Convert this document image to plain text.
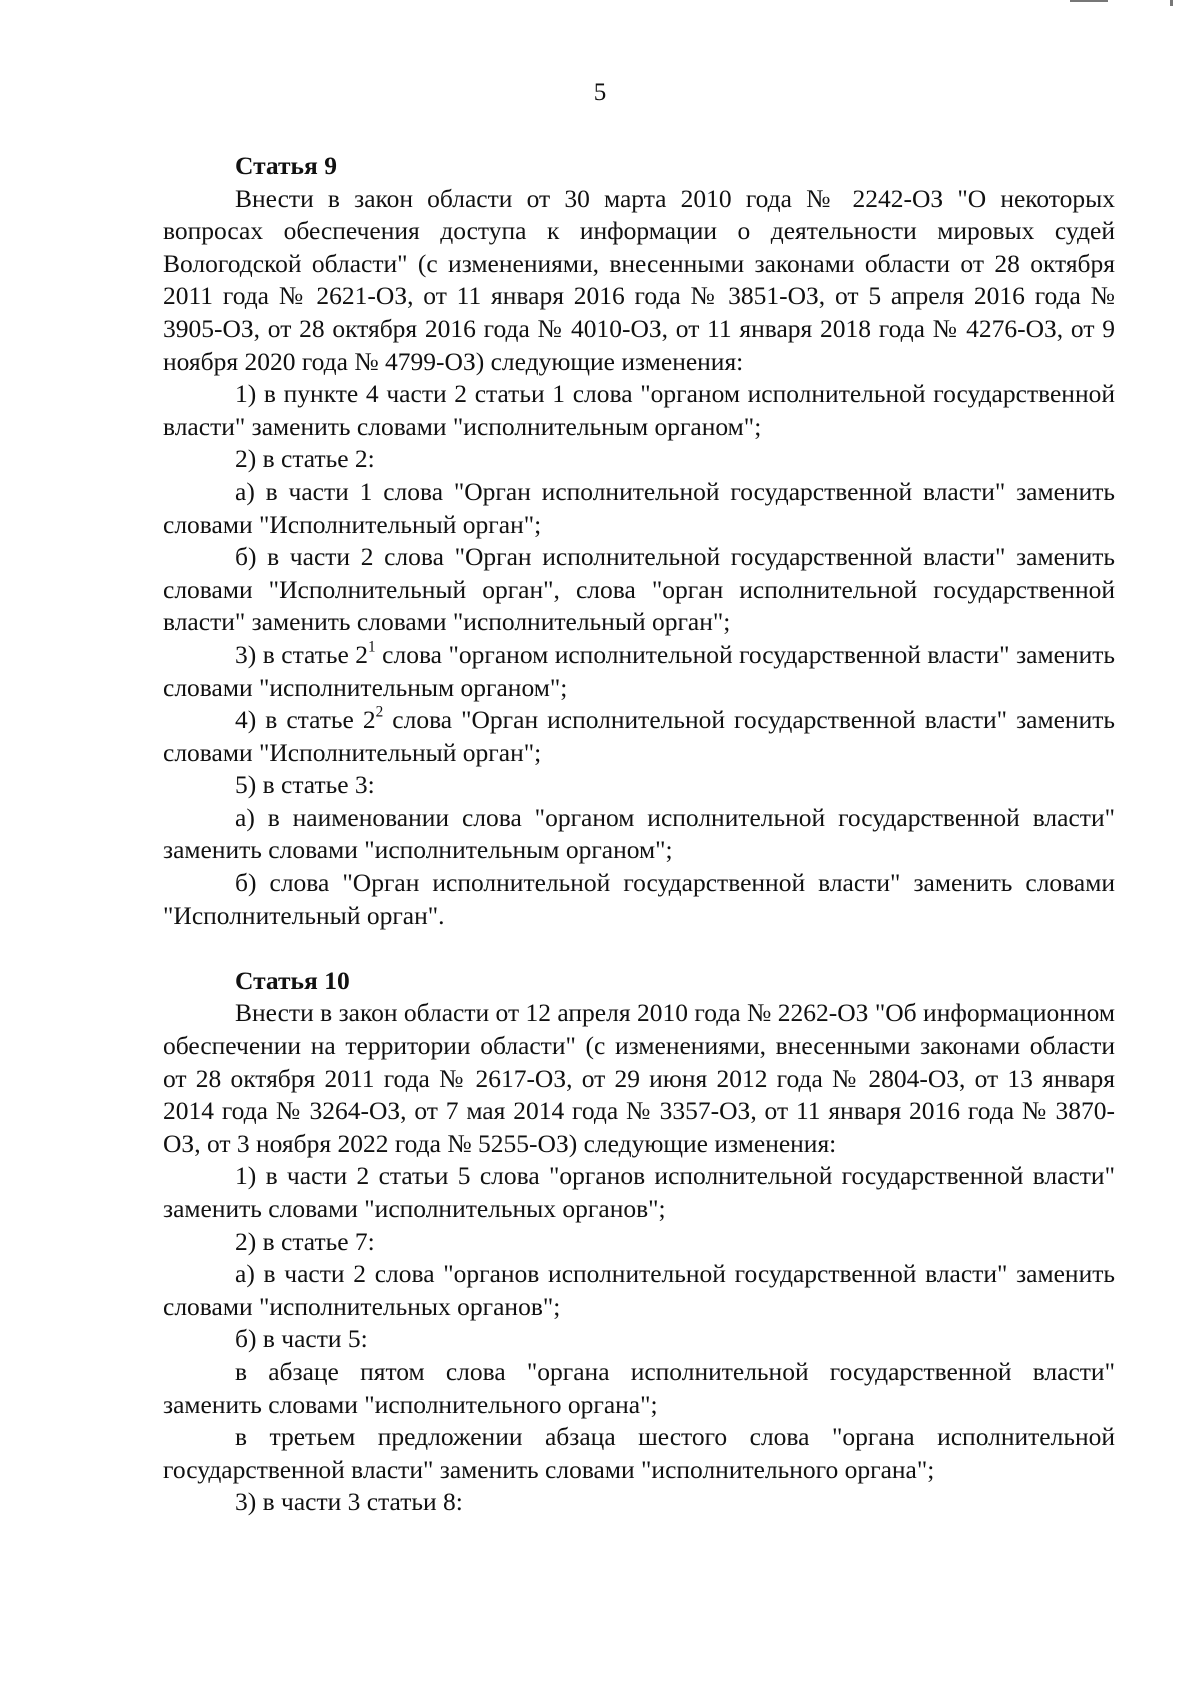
5

Статья 9

Внести в закон области от 30 марта 2010 года № 2242-ОЗ "О некоторых вопросах обеспечения доступа к информации о деятельности мировых судей Вологодской области" (с изменениями, внесенными законами области от 28 октября 2011 года № 2621-ОЗ, от 11 января 2016 года № 3851-ОЗ, от 5 апреля 2016 года № 3905-ОЗ, от 28 октября 2016 года № 4010-ОЗ, от 11 января 2018 года № 4276-ОЗ, от 9 ноября 2020 года № 4799-ОЗ) следующие изменения:

1) в пункте 4 части 2 статьи 1 слова "органом исполнительной государственной власти" заменить словами "исполнительным органом";

2) в статье 2:

а) в части 1 слова "Орган исполнительной государственной власти" заменить словами "Исполнительный орган";

б) в части 2 слова "Орган исполнительной государственной власти" заменить словами "Исполнительный орган", слова "орган исполнительной государственной власти" заменить словами "исполнительный орган";

3) в статье $2^1$ слова "органом исполнительной государственной власти" заменить словами "исполнительным органом";

4) в статье $2^2$ слова "Орган исполнительной государственной власти" заменить словами "Исполнительный орган";

5) в статье 3:

а) в наименовании слова "органом исполнительной государственной власти" заменить словами "исполнительным органом";

б) слова "Орган исполнительной государственной власти" заменить словами "Исполнительный орган".

Статья 10

Внести в закон области от 12 апреля 2010 года № 2262-ОЗ "Об информационном обеспечении на территории области" (с изменениями, внесенными законами области от 28 октября 2011 года № 2617-ОЗ, от 29 июня 2012 года № 2804-ОЗ, от 13 января 2014 года № 3264-ОЗ, от 7 мая 2014 года № 3357-ОЗ, от 11 января 2016 года № 3870-ОЗ, от 3 ноября 2022 года № 5255-ОЗ) следующие изменения:

1) в части 2 статьи 5 слова "органов исполнительной государственной власти" заменить словами "исполнительных органов";

2) в статье 7:

а) в части 2 слова "органов исполнительной государственной власти" заменить словами "исполнительных органов";

б) в части 5:

в абзаце пятом слова "органа исполнительной государственной власти" заменить словами "исполнительного органа";

в третьем предложении абзаца шестого слова "органа исполнительной государственной власти" заменить словами "исполнительного органа";

3) в части 3 статьи 8:
